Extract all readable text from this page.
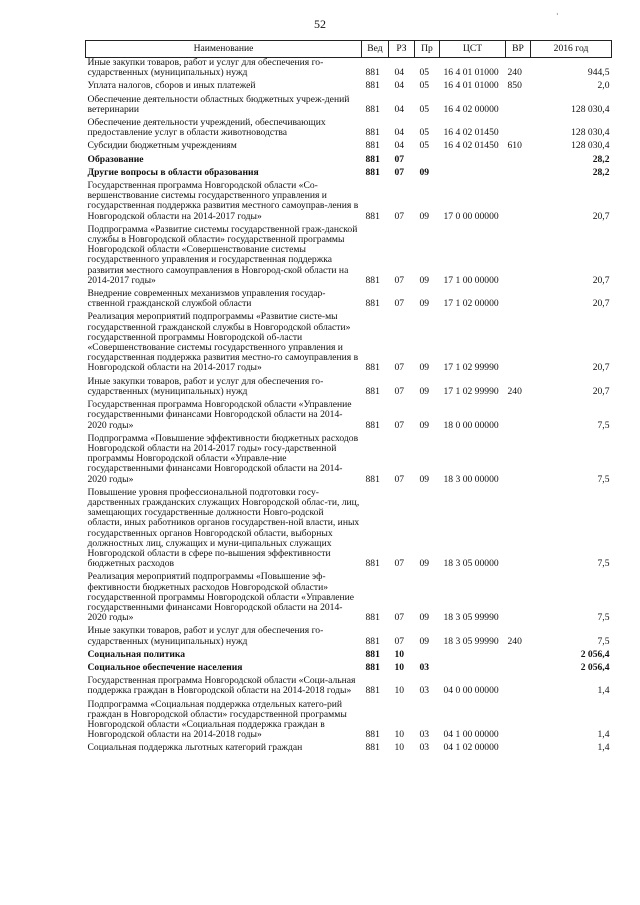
52
·
Наименование	Вед	РЗ	Пр	ЦСТ	ВР	2016 год
Иные закупки товаров, работ и услуг для обеспечения го-сударственных (муниципальных) нужд	881	04	05	16 4 01 01000	240	944,5
Уплата налогов, сборов и иных платежей	881	04	05	16 4 01 01000	850	2,0
Обеспечение деятельности областных бюджетных учреж-дений ветеринарии	881	04	05	16 4 02 00000		128 030,4
Обеспечение деятельности учреждений, обеспечивающих предоставление услуг в области животноводства	881	04	05	16 4 02 01450		128 030,4
Субсидии бюджетным учреждениям	881	04	05	16 4 02 01450	610	128 030,4
Образование	881	07				28,2
Другие вопросы в области образования	881	07	09			28,2
Государственная программа Новгородской области «Со-вершенствование системы государственного управления и государственная поддержка развития местного самоуправ-ления в Новгородской области на 2014-2017 годы»	881	07	09	17 0 00 00000		20,7
Подпрограмма «Развитие системы государственной граж-данской службы в Новгородской области» государственной программы Новгородской области «Совершенствование системы государственного управления и государственная поддержка развития местного самоуправления в Новгород-ской области на 2014-2017 годы»	881	07	09	17 1 00 00000		20,7
Внедрение современных механизмов управления государ-ственной гражданской службой области	881	07	09	17 1 02 00000		20,7
Реализация мероприятий подпрограммы «Развитие систе-мы государственной гражданской службы в Новгородской области» государственной программы Новгородской об-ласти «Совершенствование системы государственного управления и государственная поддержка развития местно-го самоуправления в Новгородской области на 2014-2017 годы»	881	07	09	17 1 02 99990		20,7
Иные закупки товаров, работ и услуг для обеспечения го-сударственных (муниципальных) нужд	881	07	09	17 1 02 99990	240	20,7
Государственная программа Новгородской области «Управление государственными финансами Новгородской области на 2014-2020 годы»	881	07	09	18 0 00 00000		7,5
Подпрограмма «Повышение эффективности бюджетных расходов Новгородской области на 2014-2017 годы» госу-дарственной программы Новгородской области «Управле-ние государственными финансами Новгородской области на 2014-2020 годы»	881	07	09	18 3 00 00000		7,5
Повышение уровня профессиональной подготовки госу-дарственных гражданских служащих Новгородской облас-ти, лиц, замещающих государственные должности Новго-родской области, иных работников органов государствен-ной власти, иных государственных органов Новгородской области, выборных должностных лиц, служащих и муни-ципальных служащих Новгородской области в сфере по-вышения эффективности бюджетных расходов	881	07	09	18 3 05 00000		7,5
Реализация мероприятий подпрограммы «Повышение эф-фективности бюджетных расходов Новгородской области» государственной программы Новгородской области «Управление государственными финансами Новгородской области на 2014-2020 годы»	881	07	09	18 3 05 99990		7,5
Иные закупки товаров, работ и услуг для обеспечения го-сударственных (муниципальных) нужд	881	07	09	18 3 05 99990	240	7,5
Социальная политика	881	10				2 056,4
Социальное обеспечение населения	881	10	03			2 056,4
Государственная программа Новгородской области «Соци-альная поддержка граждан в Новгородской области на 2014-2018 годы»	881	10	03	04 0 00 00000		1,4
Подпрограмма «Социальная поддержка отдельных катего-рий граждан в Новгородской области» государственной программы Новгородской области «Социальная поддержка граждан в Новгородской области на 2014-2018 годы»	881	10	03	04 1 00 00000		1,4
Социальная поддержка льготных категорий граждан	881	10	03	04 1 02 00000		1,4
